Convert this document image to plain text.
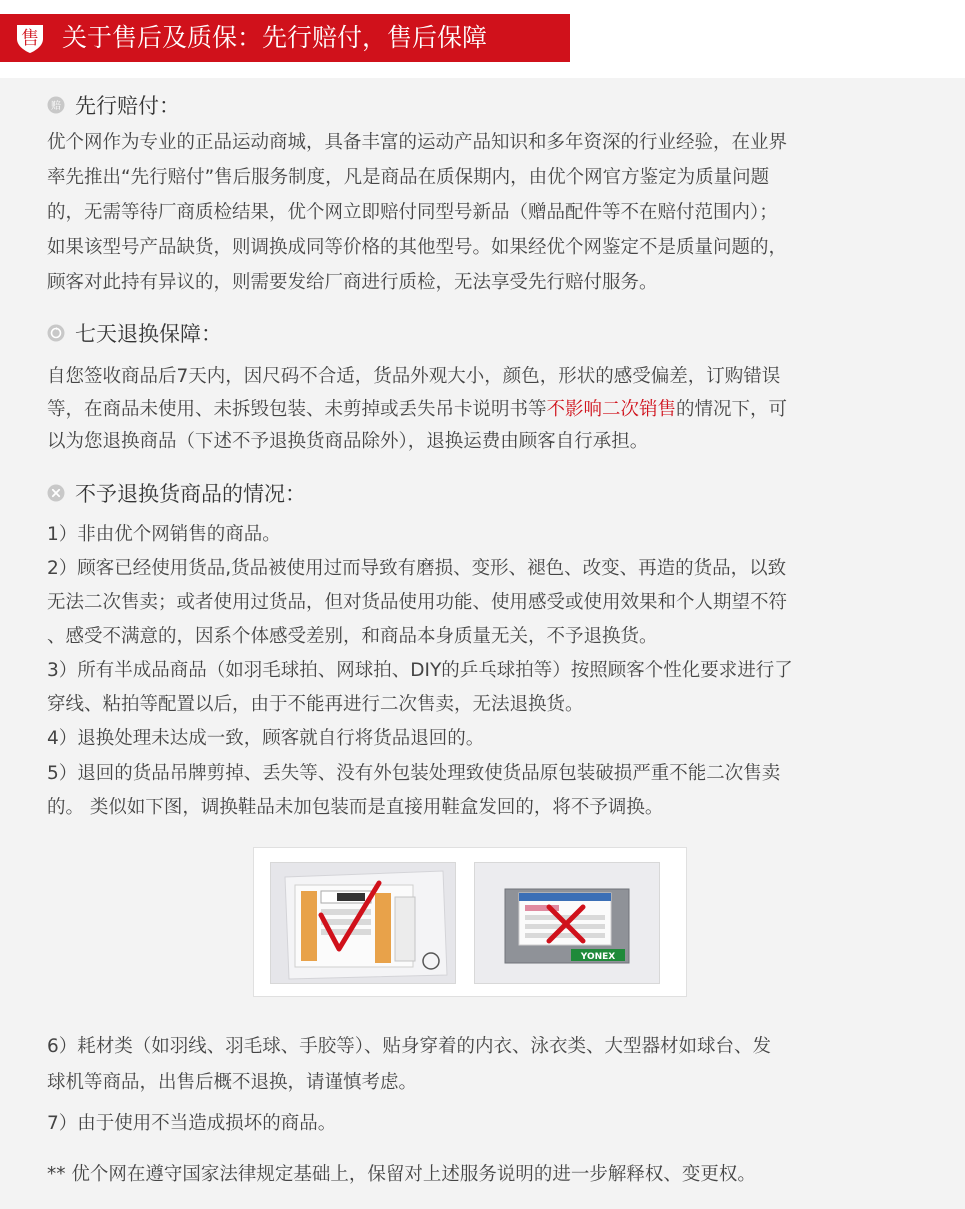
售 关于售后及质保：先行赔付，售后保障
赔 先行赔付：
优个网作为专业的正品运动商城，具备丰富的运动产品知识和多年资深的行业经验，在业界
率先推出“先行赔付”售后服务制度，凡是商品在质保期内，由优个网官方鉴定为质量问题
的，无需等待厂商质检结果，优个网立即赔付同型号新品（赠品配件等不在赔付范围内）；
如果该型号产品缺货，则调换成同等价格的其他型号。如果经优个网鉴定不是质量问题的，
顾客对此持有异议的，则需要发给厂商进行质检，无法享受先行赔付服务。
七天退换保障：
自您签收商品后7天内，因尺码不合适，货品外观大小，颜色，形状的感受偏差，订购错误
等，在商品未使用、未拆毁包装、未剪掉或丢失吊卡说明书等不影响二次销售的情况下，可
以为您退换商品（下述不予退换货商品除外），退换运费由顾客自行承担。
不予退换货商品的情况：
1）非由优个网销售的商品。
2）顾客已经使用货品,货品被使用过而导致有磨损、变形、褪色、改变、再造的货品，以致
无法二次售卖；或者使用过货品，但对货品使用功能、使用感受或使用效果和个人期望不符
、感受不满意的，因系个体感受差别，和商品本身质量无关，不予退换货。
3）所有半成品商品（如羽毛球拍、网球拍、DIY的乒乓球拍等）按照顾客个性化要求进行了
穿线、粘拍等配置以后，由于不能再进行二次售卖，无法退换货。
4）退换处理未达成一致，顾客就自行将货品退回的。
5）退回的货品吊牌剪掉、丢失等、没有外包装处理致使货品原包装破损严重不能二次售卖
的。 类似如下图，调换鞋品未加包装而是直接用鞋盒发回的，将不予调换。
YONEX
6）耗材类（如羽线、羽毛球、手胶等）、贴身穿着的内衣、泳衣类、大型器材如球台、发
球机等商品，出售后概不退换，请谨慎考虑。
7）由于使用不当造成损坏的商品。
** 优个网在遵守国家法律规定基础上，保留对上述服务说明的进一步解释权、变更权。
